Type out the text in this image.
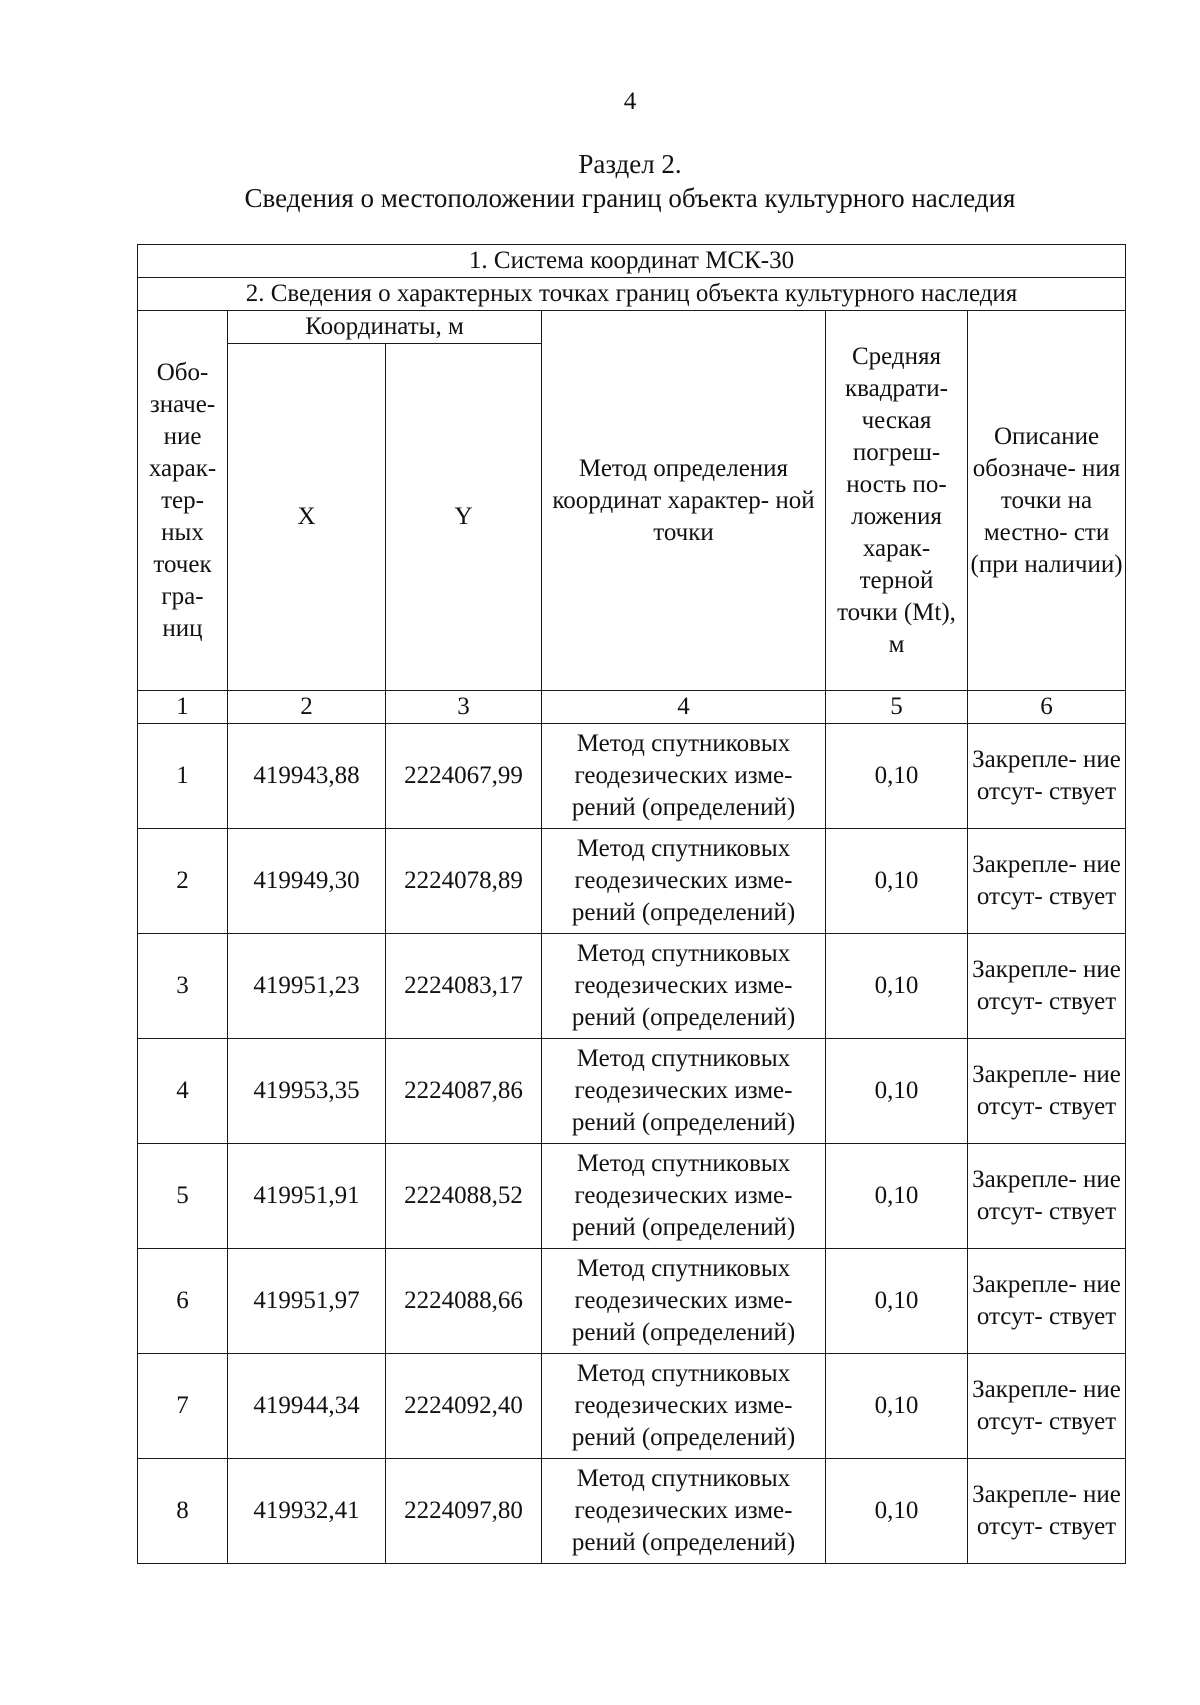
4
Раздел 2.
Сведения о местоположении границ объекта культурного наследия
1. Система координат МСК-30					
2. Сведения о характерных точках границ объекта культурного наследия					
Обо- значе- ние харак- тер- ных точек гра- ниц	Координаты, м		Метод определения координат характер- ной точки	Средняя квадрати- ческая погреш- ность по- ложения харак- терной точки (Mt), м	Описание обозначе- ния точки на местно- сти (при наличии)
	X	Y			
1	2	3	4	5	6
1	419943,88	2224067,99	Метод спутниковых геодезических изме- рений (определений)	0,10	Закрепле- ние отсут- ствует
2	419949,30	2224078,89	Метод спутниковых геодезических изме- рений (определений)	0,10	Закрепле- ние отсут- ствует
3	419951,23	2224083,17	Метод спутниковых геодезических изме- рений (определений)	0,10	Закрепле- ние отсут- ствует
4	419953,35	2224087,86	Метод спутниковых геодезических изме- рений (определений)	0,10	Закрепле- ние отсут- ствует
5	419951,91	2224088,52	Метод спутниковых геодезических изме- рений (определений)	0,10	Закрепле- ние отсут- ствует
6	419951,97	2224088,66	Метод спутниковых геодезических изме- рений (определений)	0,10	Закрепле- ние отсут- ствует
7	419944,34	2224092,40	Метод спутниковых геодезических изме- рений (определений)	0,10	Закрепле- ние отсут- ствует
8	419932,41	2224097,80	Метод спутниковых геодезических изме- рений (определений)	0,10	Закрепле- ние отсут- ствует
